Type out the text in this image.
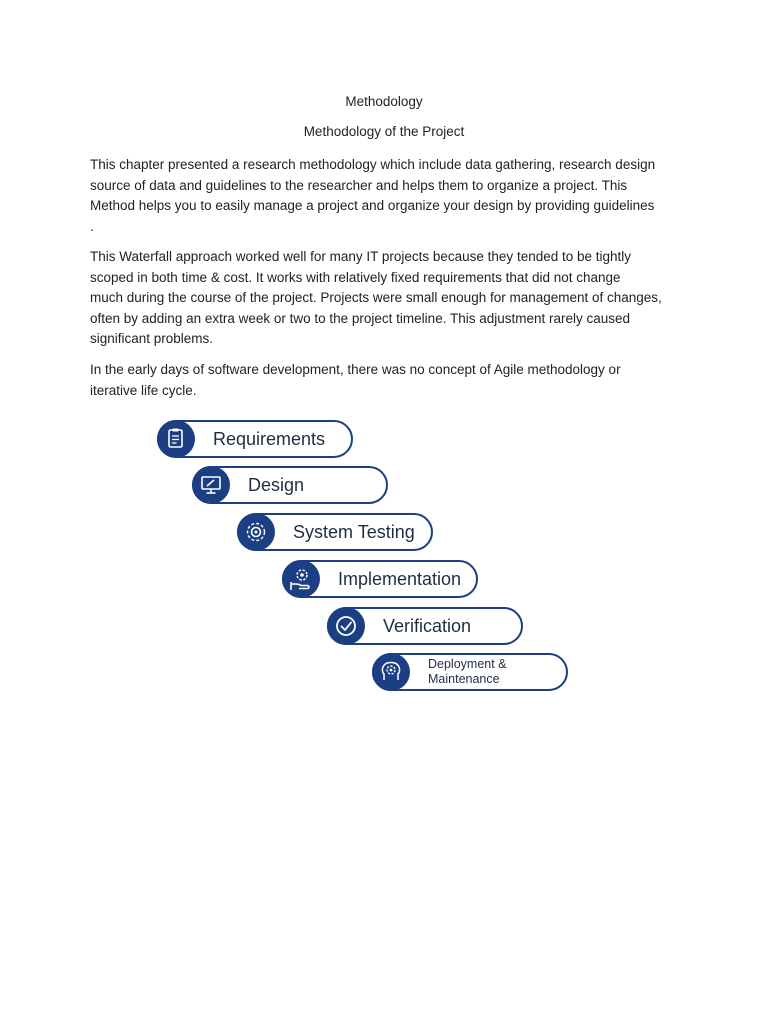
Methodology
Methodology of the Project

This chapter presented a research methodology which include data gathering, research design
source of data and guidelines to the researcher and helps them to organize a project. This
Method helps you to easily manage a project and organize your design by providing guidelines
.

This Waterfall approach worked well for many IT projects because they tended to be tightly
scoped in both time & cost. It works with relatively fixed requirements that did not change
much during the course of the project. Projects were small enough for management of changes,
often by adding an extra week or two to the project timeline. This adjustment rarely caused
significant problems.

In the early days of software development, there was no concept of Agile methodology or
iterative life cycle.

Requirements
Design
System Testing
Implementation
Verification
Deployment & Maintenance
